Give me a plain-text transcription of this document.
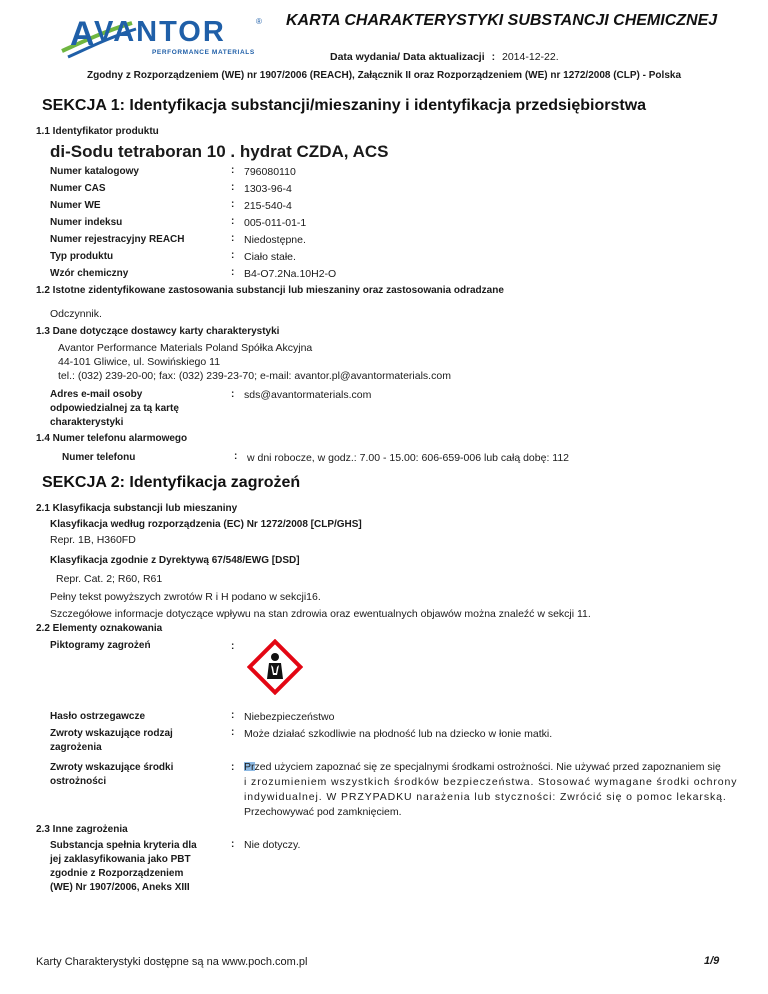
A VANTOR	®
PERFORMANCE MATERIALS
KARTA CHARAKTERYSTYKI SUBSTANCJI CHEMICZNEJ
Data wydania/ Data aktualizacji : 2014-12-22.
Zgodny z Rozporządzeniem (WE) nr 1907/2006 (REACH), Załącznik II oraz Rozporządzeniem (WE) nr 1272/2008 (CLP) - Polska
SEKCJA 1: Identyfikacja substancji/mieszaniny i identyfikacja przedsiębiorstwa
1.1 Identyfikator produktu
di-Sodu tetraboran 10 . hydrat CZDA, ACS
Numer katalogowy	: 796080110
Numer CAS	: 1303-96-4
Numer WE	: 215-540-4
Numer indeksu	: 005-011-01-1
Numer rejestracyjny REACH	: Niedostępne.
Typ produktu	: Ciało stałe.
Wzór chemiczny	: B4-O7.2Na.10H2-O
1.2 Istotne zidentyfikowane zastosowania substancji lub mieszaniny oraz zastosowania odradzane
Odczynnik.
1.3 Dane dotyczące dostawcy karty charakterystyki
Avantor Performance Materials Poland Spółka Akcyjna
44-101 Gliwice, ul. Sowińskiego 11
tel.: (032) 239-20-00; fax: (032) 239-23-70; e-mail: avantor.pl@avantormaterials.com
Adres e-mail osoby
odpowiedzialnej za tą kartę
charakterystyki
: sds@avantormaterials.com
1.4 Numer telefonu alarmowego
Numer telefonu	: w dni robocze, w godz.: 7.00 - 15.00: 606-659-006 lub całą dobę: 112
SEKCJA 2: Identyfikacja zagrożeń
2.1 Klasyfikacja substancji lub mieszaniny
Klasyfikacja według rozporządzenia (EC) Nr 1272/2008 [CLP/GHS]
Repr. 1B, H360FD
Klasyfikacja zgodnie z Dyrektywą 67/548/EWG [DSD]
Repr. Cat. 2; R60, R61
Pełny tekst powyższych zwrotów R i H podano w sekcji16.
Szczegółowe informacje dotyczące wpływu na stan zdrowia oraz ewentualnych objawów można znaleźć w sekcji 11.
2.2 Elementy oznakowania
Piktogramy zagrożeń	:
Hasło ostrzegawcze	: Niebezpieczeństwo
Zwroty wskazujące rodzaj
zagrożenia
: Może działać szkodliwie na płodność lub na dziecko w łonie matki.
Zwroty wskazujące środki
ostrożności
: Przed użyciem zapoznać się ze specjalnymi środkami ostrożności. Nie używać przed zapoznaniem się
i zrozumieniem wszystkich środków bezpieczeństwa. Stosować wymagane środki ochrony
indywidualnej. W PRZYPADKU narażenia lub styczności: Zwrócić się o pomoc lekarską.
Przechowywać pod zamknięciem.
2.3 Inne zagrożenia
Substancja spełnia kryteria dla
jej zaklasyfikowania jako PBT
zgodnie z Rozporządzeniem
(WE) Nr 1907/2006, Aneks XIII
: Nie dotyczy.
Karty Charakterystyki dostępne są na www.poch.com.pl	1/9
